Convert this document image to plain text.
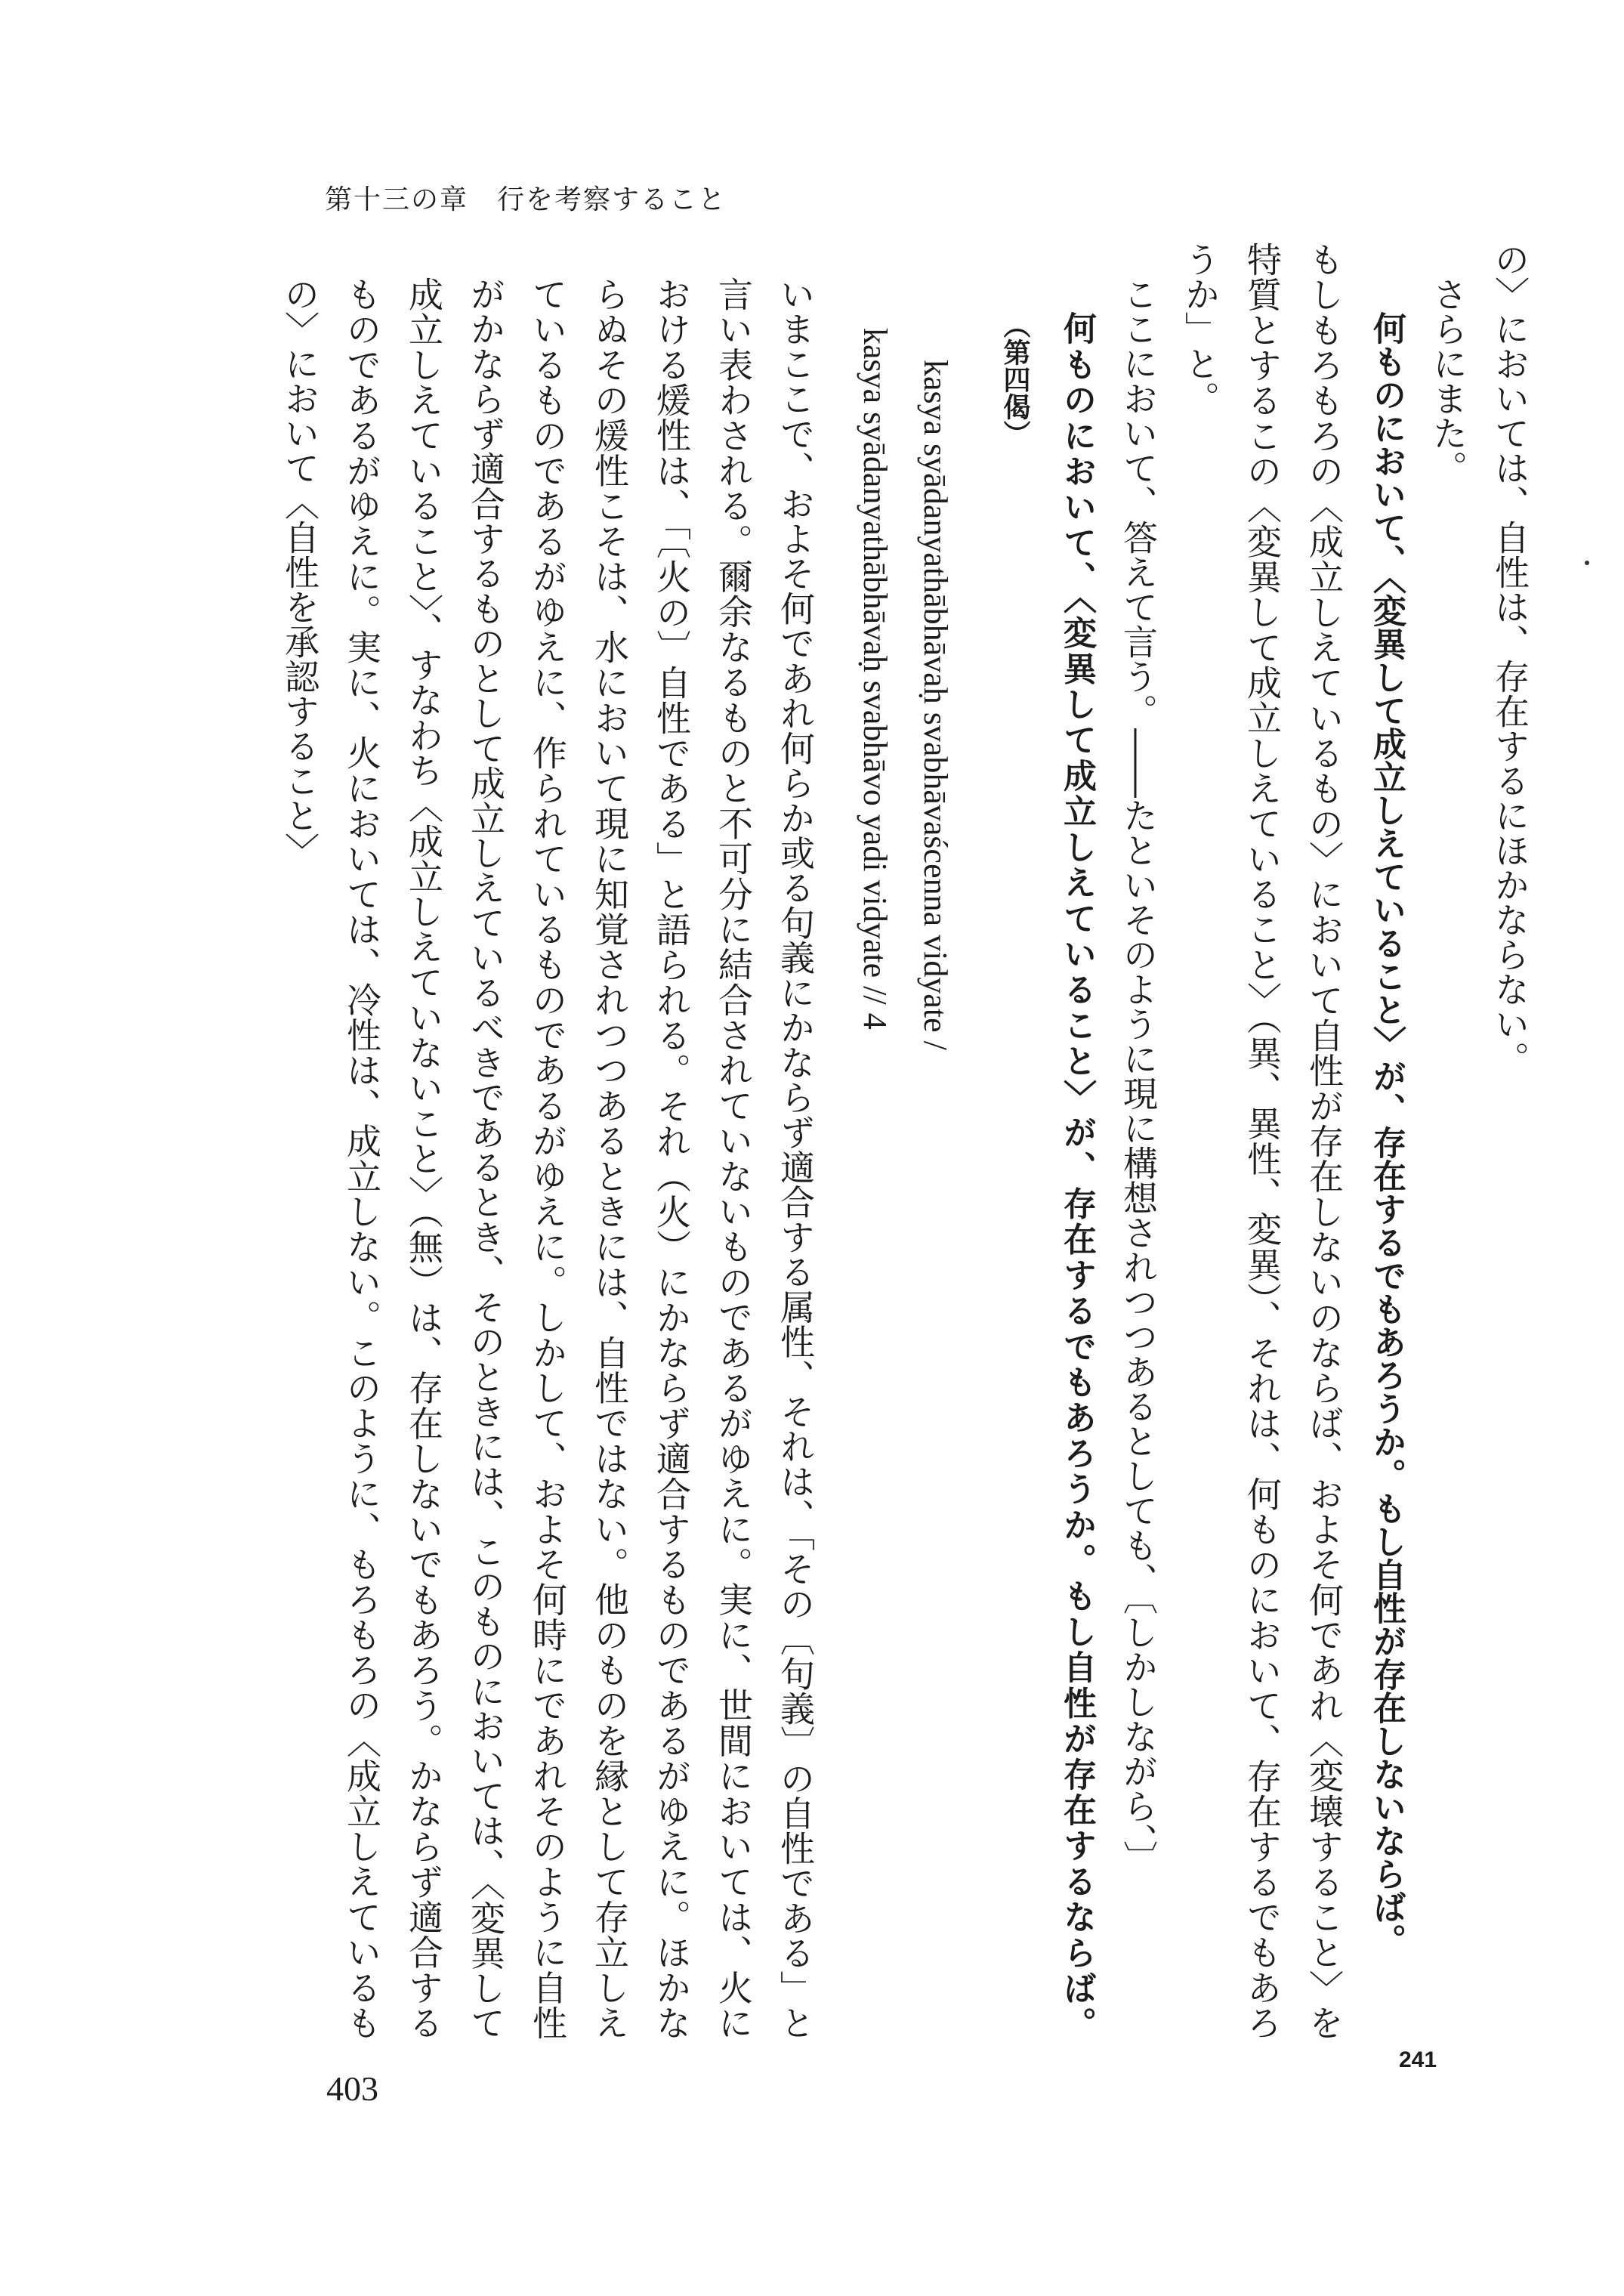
第十三の章　行を考察すること

の〉においては、自性は、存在するにほかならない。

さらにまた。

何ものにおいて、〈変異して成立しえていること〉が、存在するでもあろうか。もし自性が存在しないならば。

もしもろもろの〈成立しえているもの〉において自性が存在しないのならば、およそ何であれ〈変壊すること〉を特質とするこの〈変異して成立しえていること〉（異、異性、変異）、それは、何ものにおいて、存在するでもあろうか」と。

ここにおいて、答えて言う。――たといそのように現に構想されつつあるとしても、〔しかしながら、〕

何ものにおいて、〈変異して成立しえていること〉が、存在するでもあろうか。もし自性が存在するならば。（第四偈）

kasya syādanyathābhāvaḥ svabhāvaścenna vidyate /

kasya syādanyathābhāvaḥ svabhāvo yadi vidyate // 4

いまここで、およそ何であれ何らか或る句義にかならず適合する属性、それは、「その〔句義〕の自性である」と言い表わされる。爾余なるものと不可分に結合されていないものであるがゆえに。実に、世間においては、火における煖性は、「〔火の〕自性である」と語られる。それ（火）にかならず適合するものであるがゆえに。ほかならぬその煖性こそは、水において現に知覚されつつあるときには、自性ではない。他のものを縁として存立しえているものであるがゆえに、作られているものであるがゆえに。しかして、およそ何時にであれそのように自性がかならず適合するものとして成立しえているべきであるとき、そのときには、このものにおいては、〈変異して成立しえていること〉、すなわち〈成立しえていないこと〉（無）は、存在しないでもあろう。かならず適合するものであるがゆえに。実に、火においては、冷性は、成立しない。このように、もろもろの〈成立しえているもの〉において〈自性を承認すること〉

241
403
